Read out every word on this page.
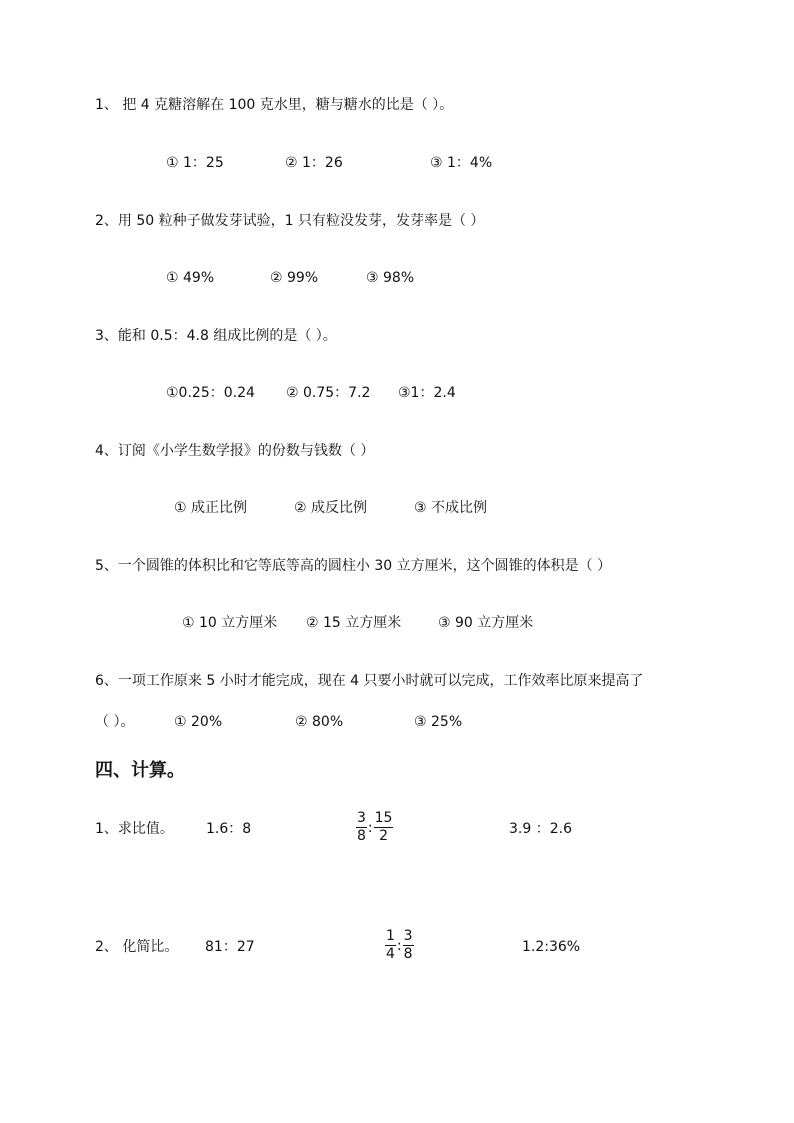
1、 把 4 克糖溶解在 100 克水里，糖与糖水的比是（ ）。
① 1：25	② 1：26	③ 1：4%
2、用 50 粒种子做发芽试验，1 只有粒没发芽，发芽率是（ ）
① 49%	② 99%	③ 98%
3、能和 0.5：4.8 组成比例的是（ ）。
①0.25：0.24 ② 0.75：7.2 ③1：2.4
4、订阅《小学生数学报》的份数与钱数（ ）
① 成正比例	② 成反比例	③ 不成比例
5、一个圆锥的体积比和它等底等高的圆柱小 30 立方厘米，这个圆锥的体积是（ ）
① 10 立方厘米 ② 15 立方厘米	③ 90 立方厘米
6、一项工作原来 5 小时才能完成，现在 4 只要小时就可以完成，工作效率比原来提高了
（ ）。	① 20%	② 80%	③ 25%
四、计算。
1、求比值。 1.6：8	$\frac{3}{8}$ : $\frac{15}{2}$	3.9 ：2.6
2、 化简比。 81：27	$\frac{1}{4}$ : $\frac{3}{8}$	1.2:36%
